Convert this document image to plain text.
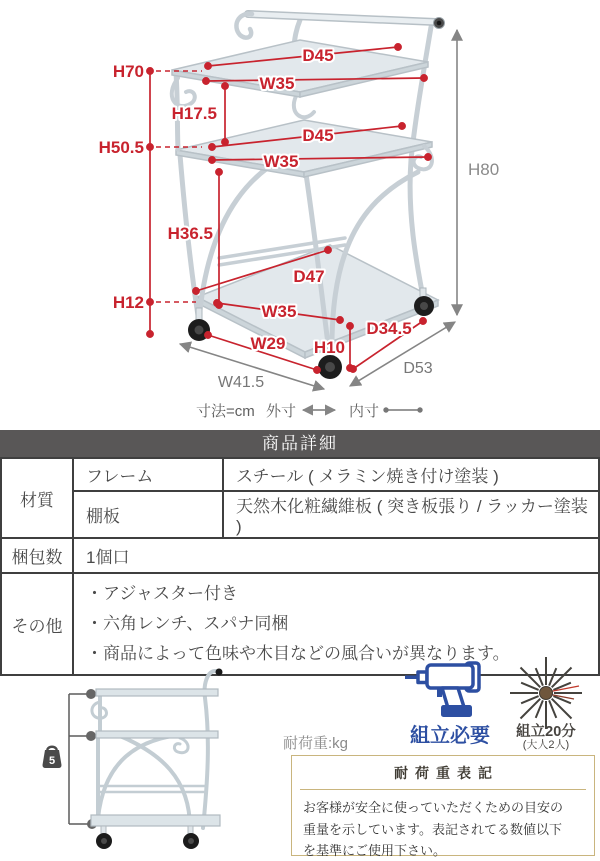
H70
H17.5
H50.5
H36.5
H12
D45
W35
D45
W35
D47
W35
W29 H10
D34.5
H80
W41.5
D53
寸法=cm 外寸	内寸
商品詳細
材質	フレーム	スチール ( メラミン焼き付け塗装 )
	棚板	天然木化粧繊維板 ( 突き板張り / ラッカー塗装 )
梱包数	1個口	
その他	・アジャスター付き
・六角レンチ、スパナ同梱
・商品によって色味や木目などの風合いが異なります。	
5
耐荷重:kg	組立必要	組立20分
(大人2人)
耐荷重表記
お客様が安全に使っていただくための目安の
重量を示しています。表記されてる数値以下
を基準にご使用下さい。
